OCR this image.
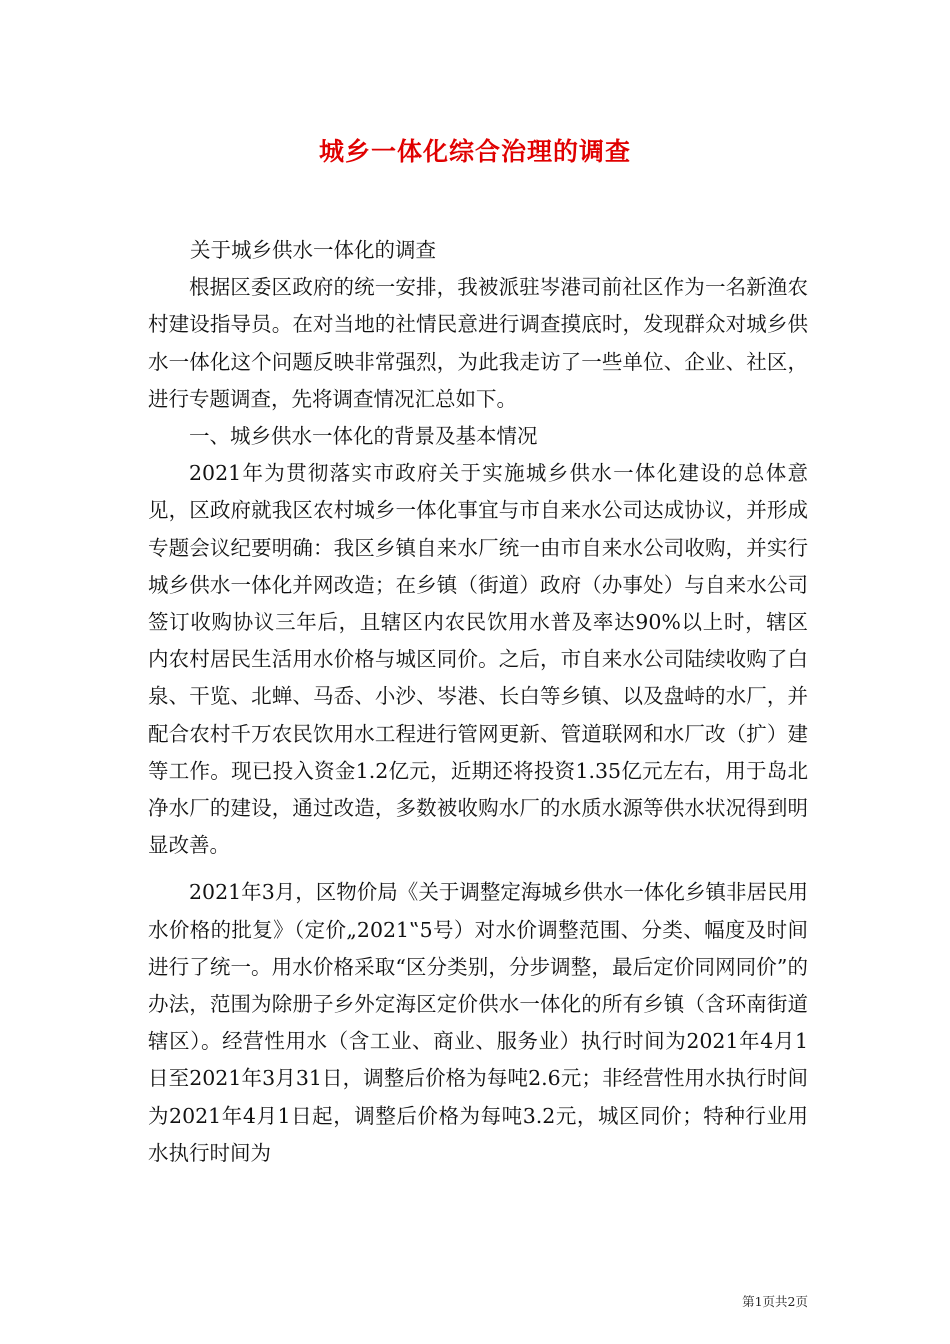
城乡一体化综合治理的调查

关于城乡供水一体化的调查

根据区委区政府的统一安排，我被派驻岑港司前社区作为一名新渔农村建设指导员。在对当地的社情民意进行调查摸底时，发现群众对城乡供水一体化这个问题反映非常强烈，为此我走访了一些单位、企业、社区，进行专题调查，先将调查情况汇总如下。

一、城乡供水一体化的背景及基本情况

2021年为贯彻落实市政府关于实施城乡供水一体化建设的总体意见，区政府就我区农村城乡一体化事宜与市自来水公司达成协议，并形成专题会议纪要明确：我区乡镇自来水厂统一由市自来水公司收购，并实行城乡供水一体化并网改造；在乡镇（街道）政府（办事处）与自来水公司签订收购协议三年后，且辖区内农民饮用水普及率达90%以上时，辖区内农村居民生活用水价格与城区同价。之后，市自来水公司陆续收购了白泉、干览、北蝉、马岙、小沙、岑港、长白等乡镇、以及盘峙的水厂，并配合农村千万农民饮用水工程进行管网更新、管道联网和水厂改（扩）建等工作。现已投入资金1.2亿元，近期还将投资1.35亿元左右，用于岛北净水厂的建设，通过改造，多数被收购水厂的水质水源等供水状况得到明显改善。

2021年3月，区物价局《关于调整定海城乡供水一体化乡镇非居民用水价格的批复》（定价„2021‟5号）对水价调整范围、分类、幅度及时间进行了统一。用水价格采取“区分类别，分步调整，最后定价同网同价”的办法，范围为除册子乡外定海区定价供水一体化的所有乡镇（含环南街道辖区）。经营性用水（含工业、商业、服务业）执行时间为2021年4月1日至2021年3月31日，调整后价格为每吨2.6元；非经营性用水执行时间为2021年4月1日起，调整后价格为每吨3.2元，城区同价；特种行业用水执行时间为

第1页共2页
